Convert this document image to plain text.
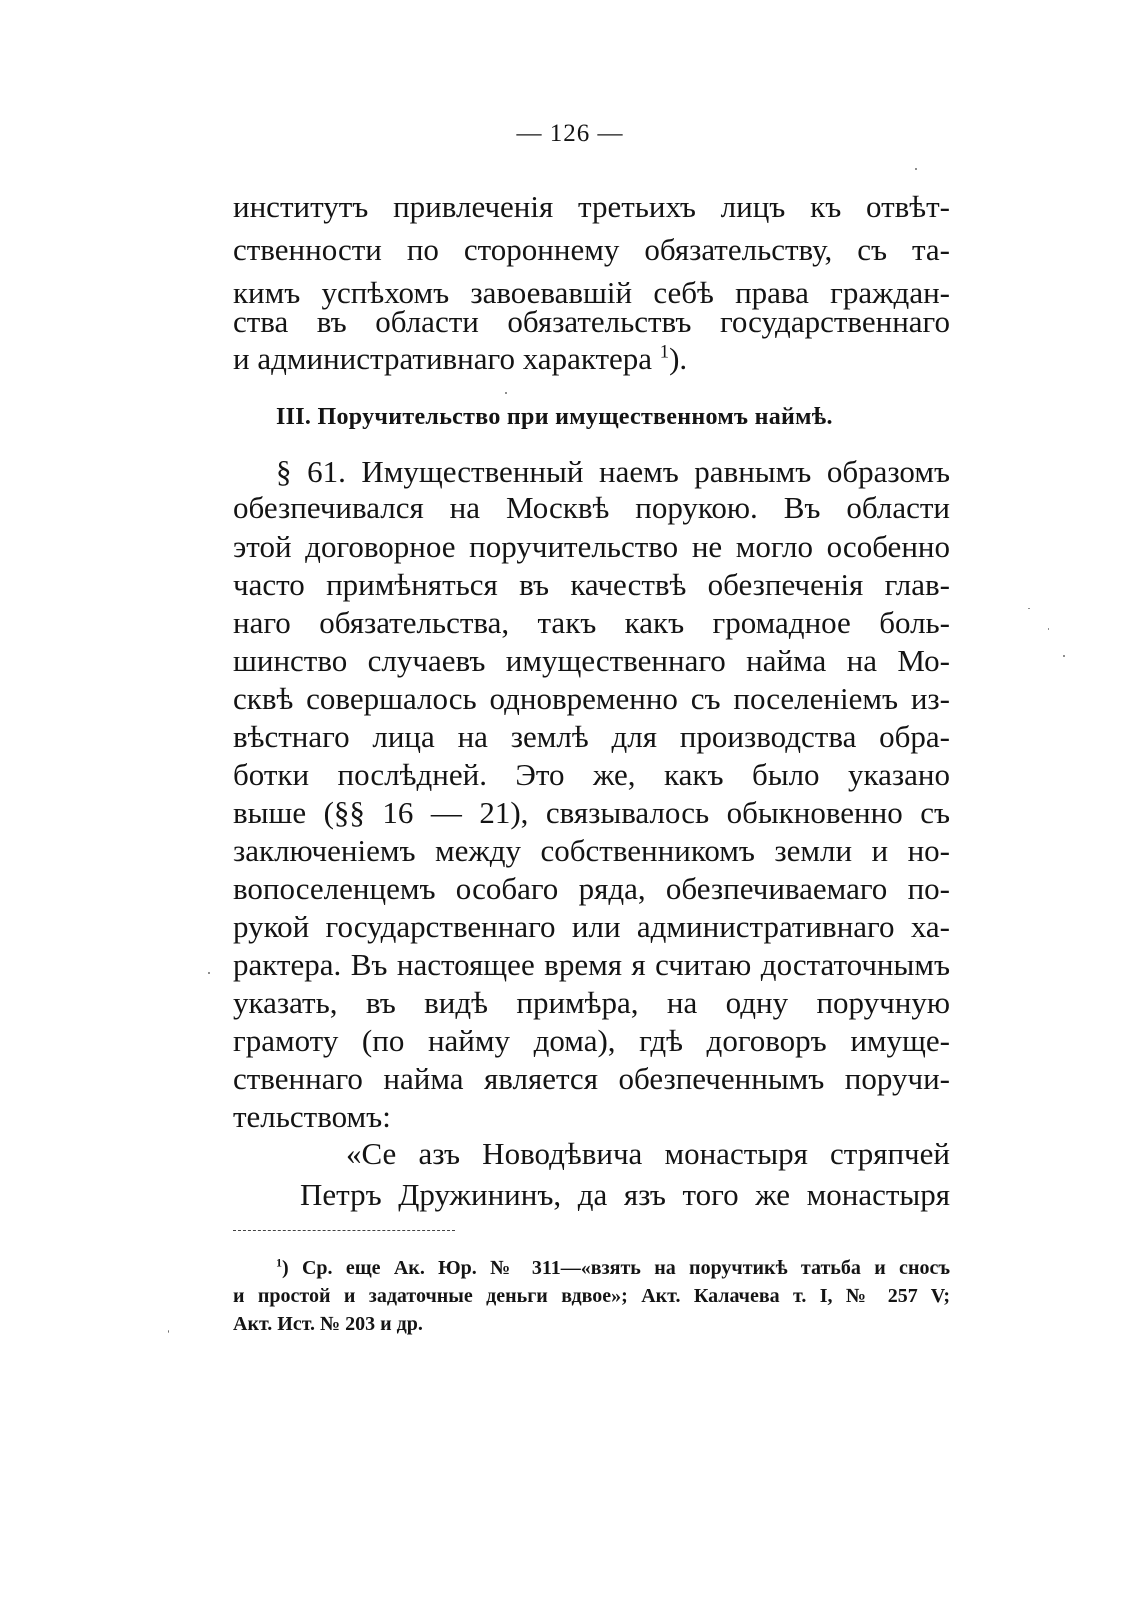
— 126 —
институтъ привлеченія третьихъ лицъ къ отвѣт-
ственности по стороннему обязательству, съ та-
кимъ успѣхомъ завоевавшій себѣ права граждан-
ства въ области обязательствъ государственнаго
и административнаго характера $^1$).
III. Поручительство при имущественномъ наймѣ.
§ 61. Имущественный наемъ равнымъ образомъ
обезпечивался на Москвѣ порукою. Въ области
этой договорное поручительство не могло особенно
часто примѣняться въ качествѣ обезпеченія глав-
наго обязательства, такъ какъ громадное боль-
шинство случаевъ имущественнаго найма на Мо-
сквѣ совершалось одновременно съ поселеніемъ из-
вѣстнаго лица на землѣ для производства обра-
ботки послѣдней. Это же, какъ было указано
выше (§§ 16 — 21), связывалось обыкновенно съ
заключеніемъ между собственникомъ земли и но-
вопоселенцемъ особаго ряда, обезпечиваемаго по-
рукой государственнаго или административнаго ха-
рактера. Въ настоящее время я считаю достаточнымъ
указать, въ видѣ примѣра, на одну поручную
грамоту (по найму дома), гдѣ договоръ имуще-
ственнаго найма является обезпеченнымъ поручи-
тельствомъ:
«Се азъ Новодѣвича монастыря стряпчей
Петръ Дружининъ, да язъ того же монастыря
$^1$) Ср. еще Ак. Юр. № 311—«взять на поручтикѣ татьба и сносъ
и простой и задаточные деньги вдвое»; Акт. Калачева т. I, № 257 V;
Акт. Ист. № 203 и др.
